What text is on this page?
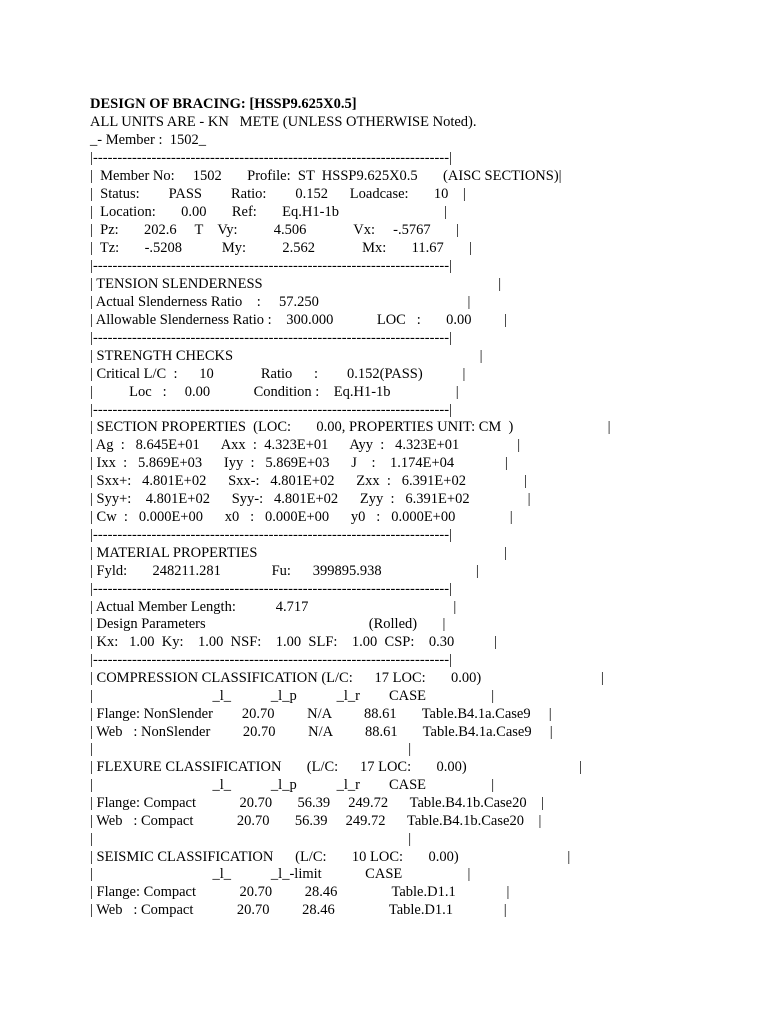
DESIGN OF BRACING: [HSSP9.625X0.5]
ALL UNITS ARE - KN   METE (UNLESS OTHERWISE Noted).
_- Member :  1502_
|-------------------------------------------------------------------------|
|  Member No:     1502       Profile:  ST  HSSP9.625X0.5       (AISC SECTIONS)|
|  Status:        PASS        Ratio:        0.152      Loadcase:       10    |
|  Location:       0.00       Ref:       Eq.H1-1b                             |
|  Pz:       202.6     T    Vy:          4.506             Vx:     -.5767       |
|  Tz:       -.5208           My:          2.562             Mx:       11.67       |
|-------------------------------------------------------------------------|
| TENSION SLENDERNESS                                                                 |
| Actual Slenderness Ratio    :     57.250                                         |
| Allowable Slenderness Ratio :    300.000            LOC   :       0.00         |
|-------------------------------------------------------------------------|
| STRENGTH CHECKS                                                                    |
| Critical L/C  :      10             Ratio      :        0.152(PASS)           |
|          Loc   :     0.00            Condition :    Eq.H1-1b                  |
|-------------------------------------------------------------------------|
| SECTION PROPERTIES  (LOC:       0.00, PROPERTIES UNIT: CM  )                          |
| Ag  :   8.645E+01      Axx  :  4.323E+01      Ayy  :   4.323E+01                |
| Ixx  :   5.869E+03      Iyy  :   5.869E+03      J    :    1.174E+04              |
| Sxx+:   4.801E+02      Sxx-:   4.801E+02      Zxx  :   6.391E+02                |
| Syy+:    4.801E+02      Syy-:   4.801E+02      Zyy  :   6.391E+02                |
| Cw  :   0.000E+00      x0   :   0.000E+00      y0   :   0.000E+00               |
|-------------------------------------------------------------------------|
| MATERIAL PROPERTIES                                                                    |
| Fyld:       248211.281              Fu:      399895.938                          |
|-------------------------------------------------------------------------|
| Actual Member Length:           4.717                                        |
| Design Parameters                                             (Rolled)       |
| Kx:   1.00  Ky:    1.00  NSF:    1.00  SLF:    1.00  CSP:    0.30           |
|-------------------------------------------------------------------------|
| COMPRESSION CLASSIFICATION (L/C:      17 LOC:       0.00)                                 |
|                                 _l_           _l_p           _l_r        CASE                  |
| Flange: NonSlender        20.70         N/A         88.61       Table.B4.1a.Case9     |
| Web   : NonSlender         20.70         N/A         88.61       Table.B4.1a.Case9     |
|                                                                                       |
| FLEXURE CLASSIFICATION       (L/C:      17 LOC:       0.00)                               |
|                                 _l_           _l_p           _l_r        CASE                  |
| Flange: Compact            20.70       56.39     249.72      Table.B4.1b.Case20    |
| Web   : Compact            20.70       56.39     249.72      Table.B4.1b.Case20    |
|                                                                                       |
| SEISMIC CLASSIFICATION      (L/C:       10 LOC:       0.00)                              |
|                                 _l_           _l_-limit            CASE                  |
| Flange: Compact            20.70         28.46               Table.D1.1              |
| Web   : Compact            20.70         28.46               Table.D1.1              |
